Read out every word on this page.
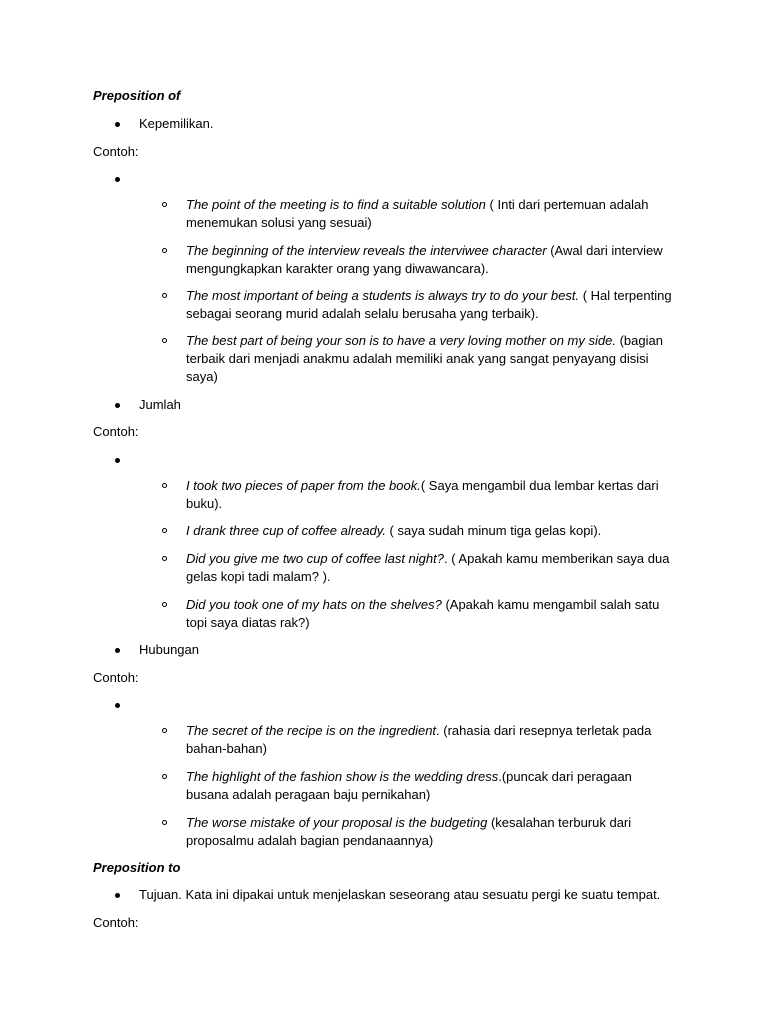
Preposition of
Kepemilikan.
Contoh:
The point of the meeting is to find a suitable solution ( Inti dari pertemuan adalah menemukan solusi yang sesuai)
The beginning of the interview reveals the interviwee character (Awal dari interview mengungkapkan karakter orang yang diwawancara).
The most important of being a students is always try to do your best. ( Hal terpenting sebagai seorang murid adalah selalu berusaha yang terbaik).
The best part of being your son is to have a very loving mother on my side. (bagian terbaik dari menjadi anakmu adalah memiliki anak yang sangat penyayang disisi saya)
Jumlah
Contoh:
I took two pieces of paper from the book.( Saya mengambil dua lembar kertas dari buku).
I drank three cup of coffee already. ( saya sudah minum tiga gelas kopi).
Did you give me two cup of coffee last night?. ( Apakah kamu memberikan saya dua gelas kopi tadi malam? ).
Did you took one of my hats on the shelves? (Apakah kamu mengambil salah satu topi saya diatas rak?)
Hubungan
Contoh:
The secret of the recipe is on the ingredient. (rahasia dari resepnya terletak pada bahan-bahan)
The highlight of the fashion show is the wedding dress.(puncak dari peragaan busana adalah peragaan baju pernikahan)
The worse mistake of your proposal is the budgeting (kesalahan terburuk dari proposalmu adalah bagian pendanaannya)
Preposition to
Tujuan. Kata ini dipakai untuk menjelaskan seseorang atau sesuatu pergi ke suatu tempat.
Contoh:
